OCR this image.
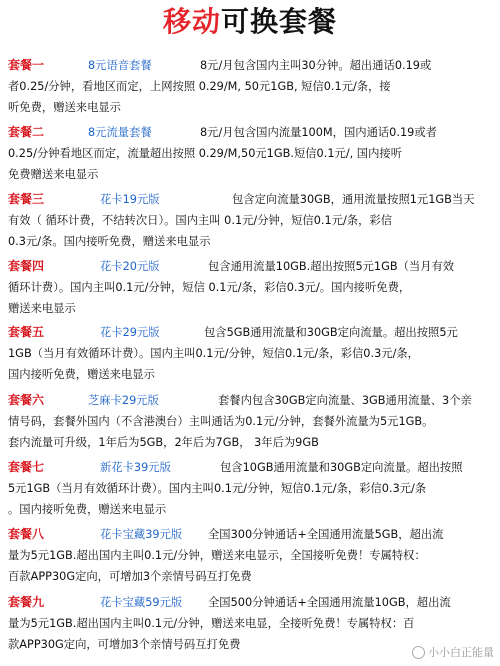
移动可换套餐
套餐一	8元语音套餐	8元/月包含国内主叫30分钟。超出通话0.19或
者0.25/分钟，看地区而定，上网按照 0.29/M, 50元1GB, 短信0.1元/条，接
听免费，赠送来电显示
套餐二	8元流量套餐	8元/月包含国内流量100M，国内通话0.19或者
0.25/分钟看地区而定，流量超出按照 0.29/M,50元1GB.短信0.1元/, 国内接听
免费赠送来电显示
套餐三	花卡19元版	包含定向流量30GB，通用流量按照1元1GB当天
有效（ 循环计费，不结转次日）。国内主叫 0.1元/分钟，短信0.1元/条，彩信
0.3元/条。国内接听免费，赠送来电显示
套餐四	花卡20元版	包含通用流量10GB.超出按照5元1GB（当月有效
循环计费）。国内主叫0.1元/分钟，短信 0.1元/条，彩信0.3元/。国内接听免费，
赠送来电显示
套餐五	花卡29元版	包含5GB通用流量和30GB定向流量。超出按照5元
1GB（当月有效循环计费）。国内主叫0.1元/分钟，短信0.1元/条，彩信0.3元/条，
国内接听免费，赠送来电显示
套餐六	芝麻卡29元版	套餐内包含30GB定向流量、3GB通用流量、3个亲
情号码，套餐外国内（不含港澳台）主叫通话为0.1元/分钟，套餐外流量为5元1GB。
套内流量可升级，1年后为5GB，2年后为7GB， 3年后为9GB
套餐七	新花卡39元版	包含10GB通用流量和30GB定向流量。超出按照
5元1GB（当月有效循环计费）。国内主叫0.1元/分钟，短信0.1元/条，彩信0.3元/条
。国内接听免费，赠送来电显示
套餐八	花卡宝藏39元版 全国300分钟通话+全国通用流量5GB，超出流
量为5元1GB.超出国内主叫0.1元/分钟，赠送来电显示，全国接听免费！专属特权：
百款APP30G定向，可增加3个亲情号码互打免费
套餐九	花卡宝藏59元版 全国500分钟通话+全国通用流量10GB，超出流
量为5元1GB.超出国内主叫0.1元/分钟，赠送来电显，全接听免费！专属特权：百
款APP30G定向，可增加3个亲情号码互打免费
小小白正能量
